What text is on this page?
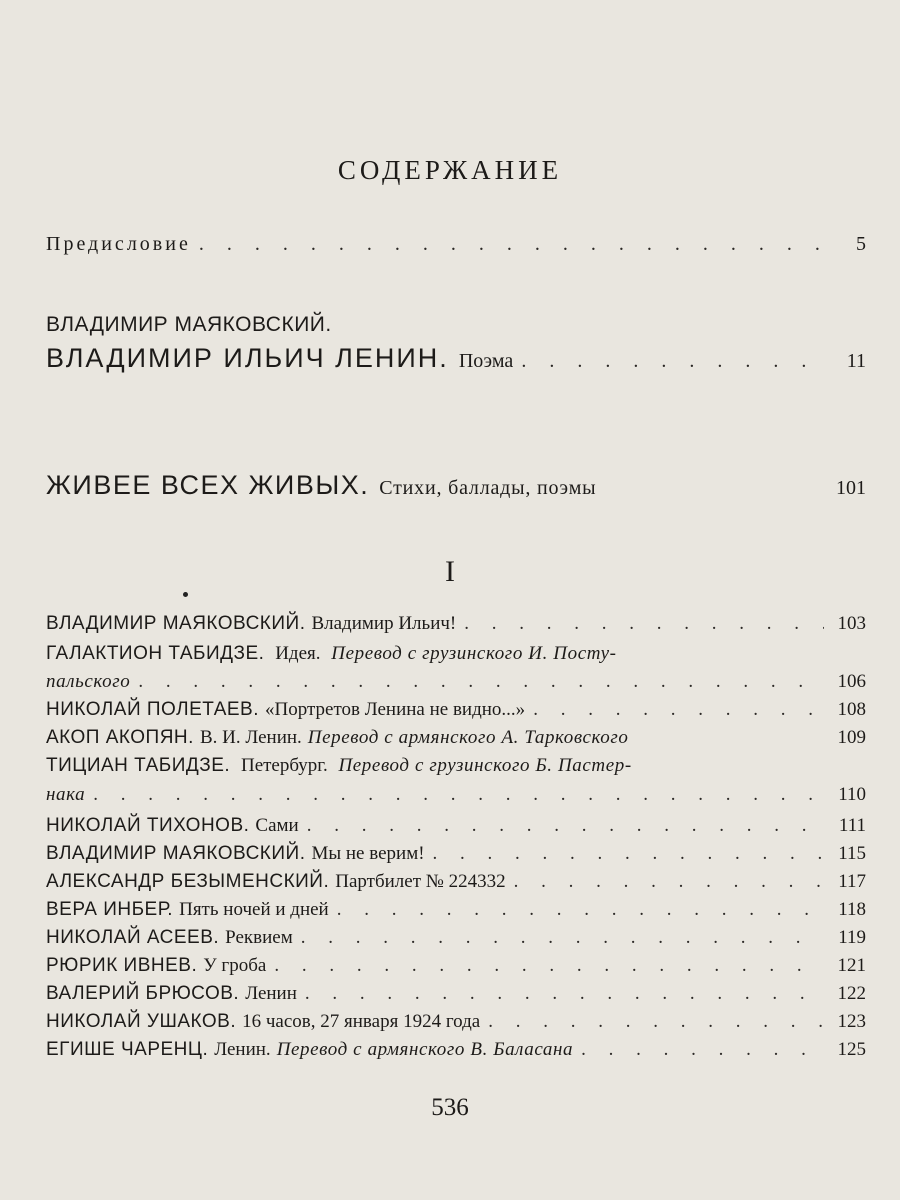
СОДЕРЖАНИЕ
Предисловие . . .	5
ВЛАДИМИР МАЯКОВСКИЙ.
ВЛАДИМИР ИЛЬИЧ ЛЕНИН. Поэма . . .	11
ЖИВЕЕ ВСЕХ ЖИВЫХ. Стихи, баллады, поэмы	101
I
ВЛАДИМИР МАЯКОВСКИЙ. Владимир Ильич! . . .	103
ГАЛАКТИОН ТАБИДЗЕ. Идея. Перевод с грузинского И. Посту-
пальского . . .	106
НИКОЛАЙ ПОЛЕТАЕВ. «Портретов Ленина не видно...» . . .	108
АКОП АКОПЯН. В. И. Ленин. Перевод с армянского А. Тарковского	109
ТИЦИАН ТАБИДЗЕ. Петербург. Перевод с грузинского Б. Пастер-
нака . . .	110
НИКОЛАЙ ТИХОНОВ. Сами . . .	111
ВЛАДИМИР МАЯКОВСКИЙ. Мы не верим! . . .	115
АЛЕКСАНДР БЕЗЫМЕНСКИЙ. Партбилет № 224332 . . .	117
ВЕРА ИНБЕР. Пять ночей и дней . . .	118
НИКОЛАЙ АСЕЕВ. Реквием . . .	119
РЮРИК ИВНЕВ. У гроба . . .	121
ВАЛЕРИЙ БРЮСОВ. Ленин . . .	122
НИКОЛАЙ УШАКОВ. 16 часов, 27 января 1924 года . . .	123
ЕГИШЕ ЧАРЕНЦ. Ленин. Перевод с армянского В. Баласана . . .	125
536
